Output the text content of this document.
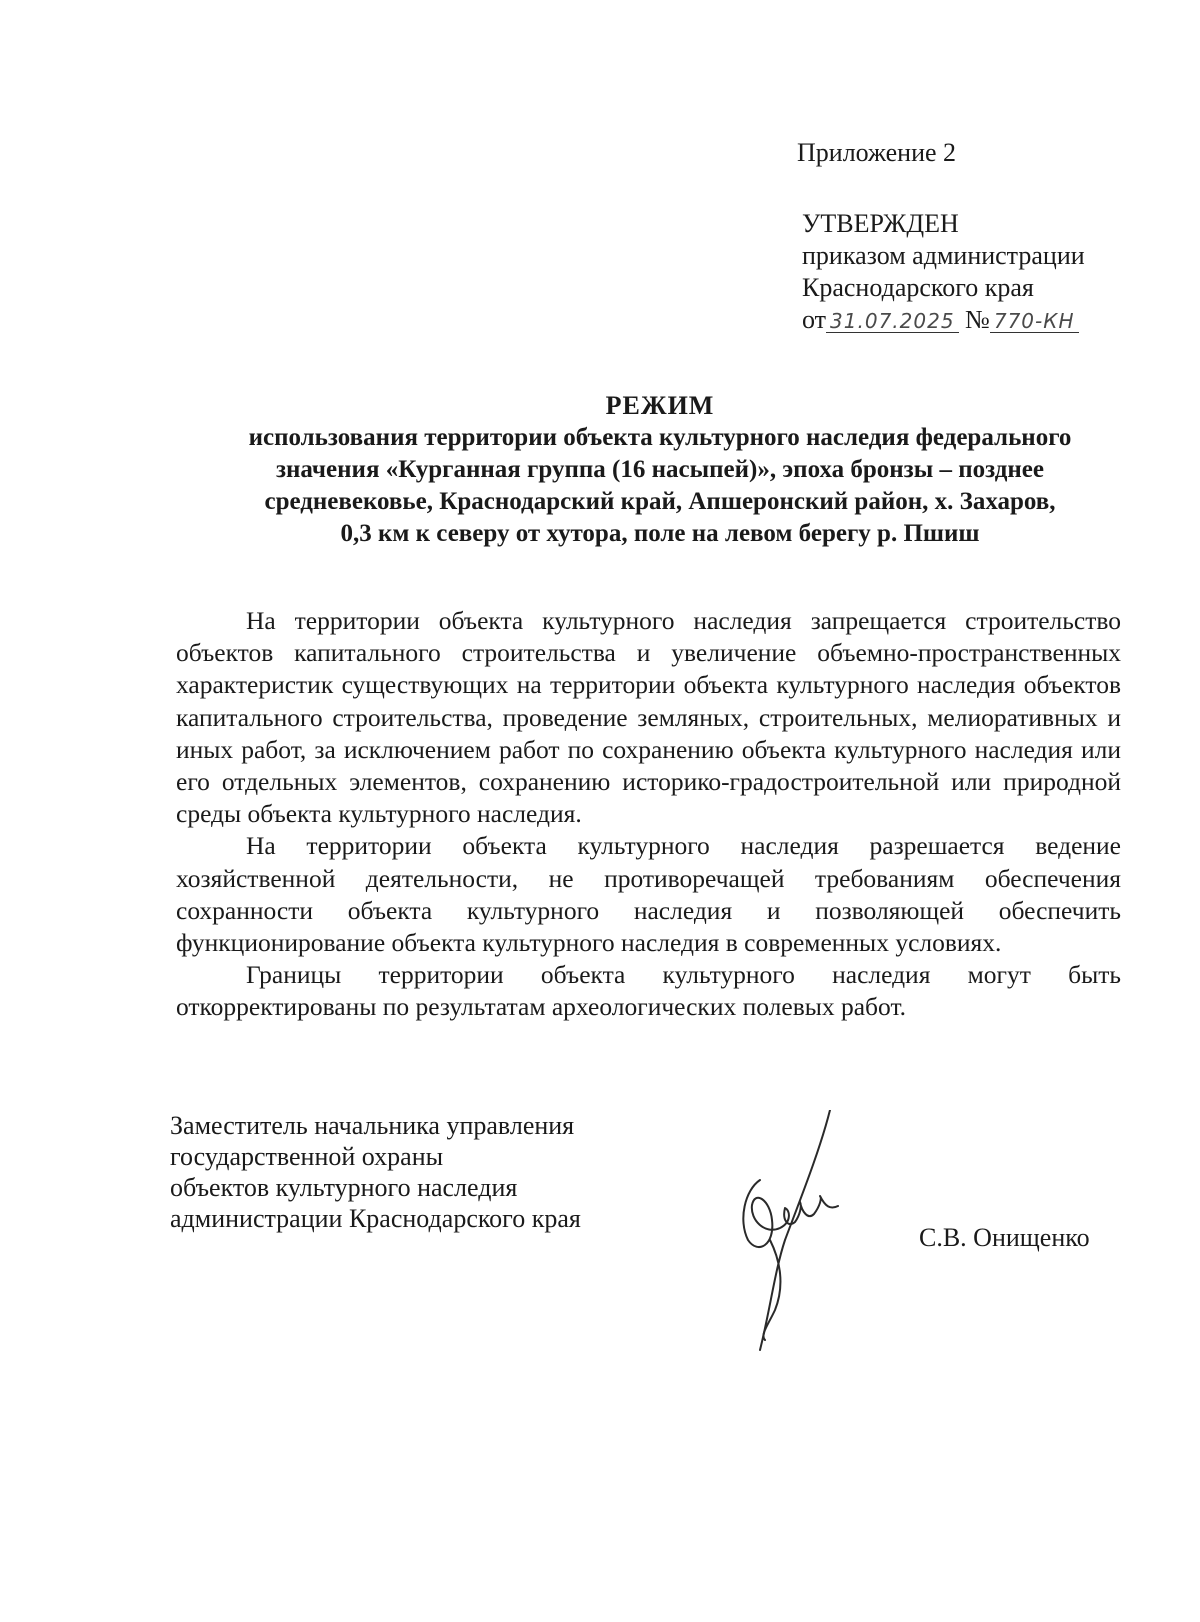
Приложение 2
УТВЕРЖДЕН
приказом администрации
Краснодарского края
от 31.07.2025 № 770-КН
РЕЖИМ
использования территории объекта культурного наследия федерального
значения «Курганная группа (16 насыпей)», эпоха бронзы – позднее
средневековье, Краснодарский край, Апшеронский район, х. Захаров,
0,3 км к северу от хутора, поле на левом берегу р. Пшиш

На территории объекта культурного наследия запрещается строительство объектов капитального строительства и увеличение объемно-пространственных характеристик существующих на территории объекта культурного наследия объектов капитального строительства, проведение земляных, строительных, мелиоративных и иных работ, за исключением работ по сохранению объекта культурного наследия или его отдельных элементов, сохранению историко-градостроительной или природной среды объекта культурного наследия.

На территории объекта культурного наследия разрешается ведение хозяйственной деятельности, не противоречащей требованиям обеспечения сохранности объекта культурного наследия и позволяющей обеспечить функционирование объекта культурного наследия в современных условиях.

Границы территории объекта культурного наследия могут быть откорректированы по результатам археологических полевых работ.

Заместитель начальника управления
государственной охраны
объектов культурного наследия
администрации Краснодарского края
С.В. Онищенко
